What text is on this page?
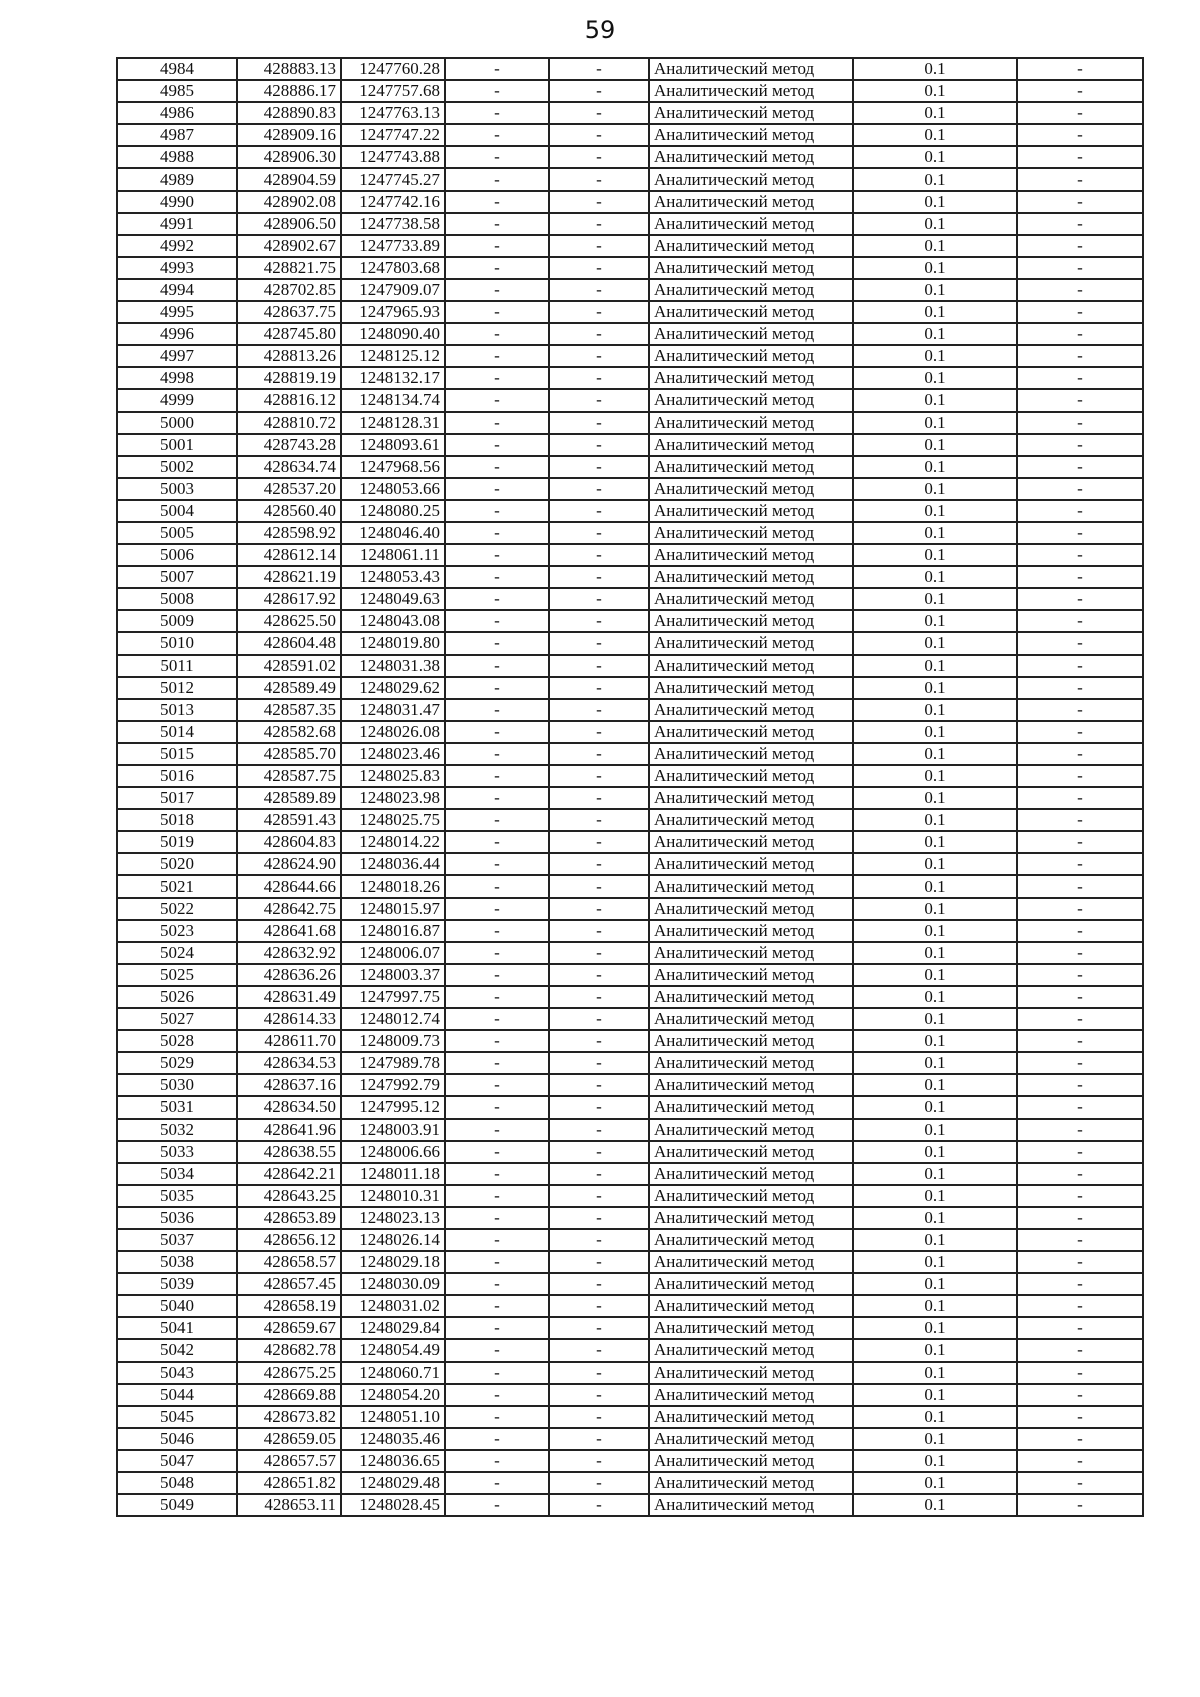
59
4984	428883.13	1247760.28	-	-	Аналитический метод	0.1	-
4985	428886.17	1247757.68	-	-	Аналитический метод	0.1	-
4986	428890.83	1247763.13	-	-	Аналитический метод	0.1	-
4987	428909.16	1247747.22	-	-	Аналитический метод	0.1	-
4988	428906.30	1247743.88	-	-	Аналитический метод	0.1	-
4989	428904.59	1247745.27	-	-	Аналитический метод	0.1	-
4990	428902.08	1247742.16	-	-	Аналитический метод	0.1	-
4991	428906.50	1247738.58	-	-	Аналитический метод	0.1	-
4992	428902.67	1247733.89	-	-	Аналитический метод	0.1	-
4993	428821.75	1247803.68	-	-	Аналитический метод	0.1	-
4994	428702.85	1247909.07	-	-	Аналитический метод	0.1	-
4995	428637.75	1247965.93	-	-	Аналитический метод	0.1	-
4996	428745.80	1248090.40	-	-	Аналитический метод	0.1	-
4997	428813.26	1248125.12	-	-	Аналитический метод	0.1	-
4998	428819.19	1248132.17	-	-	Аналитический метод	0.1	-
4999	428816.12	1248134.74	-	-	Аналитический метод	0.1	-
5000	428810.72	1248128.31	-	-	Аналитический метод	0.1	-
5001	428743.28	1248093.61	-	-	Аналитический метод	0.1	-
5002	428634.74	1247968.56	-	-	Аналитический метод	0.1	-
5003	428537.20	1248053.66	-	-	Аналитический метод	0.1	-
5004	428560.40	1248080.25	-	-	Аналитический метод	0.1	-
5005	428598.92	1248046.40	-	-	Аналитический метод	0.1	-
5006	428612.14	1248061.11	-	-	Аналитический метод	0.1	-
5007	428621.19	1248053.43	-	-	Аналитический метод	0.1	-
5008	428617.92	1248049.63	-	-	Аналитический метод	0.1	-
5009	428625.50	1248043.08	-	-	Аналитический метод	0.1	-
5010	428604.48	1248019.80	-	-	Аналитический метод	0.1	-
5011	428591.02	1248031.38	-	-	Аналитический метод	0.1	-
5012	428589.49	1248029.62	-	-	Аналитический метод	0.1	-
5013	428587.35	1248031.47	-	-	Аналитический метод	0.1	-
5014	428582.68	1248026.08	-	-	Аналитический метод	0.1	-
5015	428585.70	1248023.46	-	-	Аналитический метод	0.1	-
5016	428587.75	1248025.83	-	-	Аналитический метод	0.1	-
5017	428589.89	1248023.98	-	-	Аналитический метод	0.1	-
5018	428591.43	1248025.75	-	-	Аналитический метод	0.1	-
5019	428604.83	1248014.22	-	-	Аналитический метод	0.1	-
5020	428624.90	1248036.44	-	-	Аналитический метод	0.1	-
5021	428644.66	1248018.26	-	-	Аналитический метод	0.1	-
5022	428642.75	1248015.97	-	-	Аналитический метод	0.1	-
5023	428641.68	1248016.87	-	-	Аналитический метод	0.1	-
5024	428632.92	1248006.07	-	-	Аналитический метод	0.1	-
5025	428636.26	1248003.37	-	-	Аналитический метод	0.1	-
5026	428631.49	1247997.75	-	-	Аналитический метод	0.1	-
5027	428614.33	1248012.74	-	-	Аналитический метод	0.1	-
5028	428611.70	1248009.73	-	-	Аналитический метод	0.1	-
5029	428634.53	1247989.78	-	-	Аналитический метод	0.1	-
5030	428637.16	1247992.79	-	-	Аналитический метод	0.1	-
5031	428634.50	1247995.12	-	-	Аналитический метод	0.1	-
5032	428641.96	1248003.91	-	-	Аналитический метод	0.1	-
5033	428638.55	1248006.66	-	-	Аналитический метод	0.1	-
5034	428642.21	1248011.18	-	-	Аналитический метод	0.1	-
5035	428643.25	1248010.31	-	-	Аналитический метод	0.1	-
5036	428653.89	1248023.13	-	-	Аналитический метод	0.1	-
5037	428656.12	1248026.14	-	-	Аналитический метод	0.1	-
5038	428658.57	1248029.18	-	-	Аналитический метод	0.1	-
5039	428657.45	1248030.09	-	-	Аналитический метод	0.1	-
5040	428658.19	1248031.02	-	-	Аналитический метод	0.1	-
5041	428659.67	1248029.84	-	-	Аналитический метод	0.1	-
5042	428682.78	1248054.49	-	-	Аналитический метод	0.1	-
5043	428675.25	1248060.71	-	-	Аналитический метод	0.1	-
5044	428669.88	1248054.20	-	-	Аналитический метод	0.1	-
5045	428673.82	1248051.10	-	-	Аналитический метод	0.1	-
5046	428659.05	1248035.46	-	-	Аналитический метод	0.1	-
5047	428657.57	1248036.65	-	-	Аналитический метод	0.1	-
5048	428651.82	1248029.48	-	-	Аналитический метод	0.1	-
5049	428653.11	1248028.45	-	-	Аналитический метод	0.1	-
